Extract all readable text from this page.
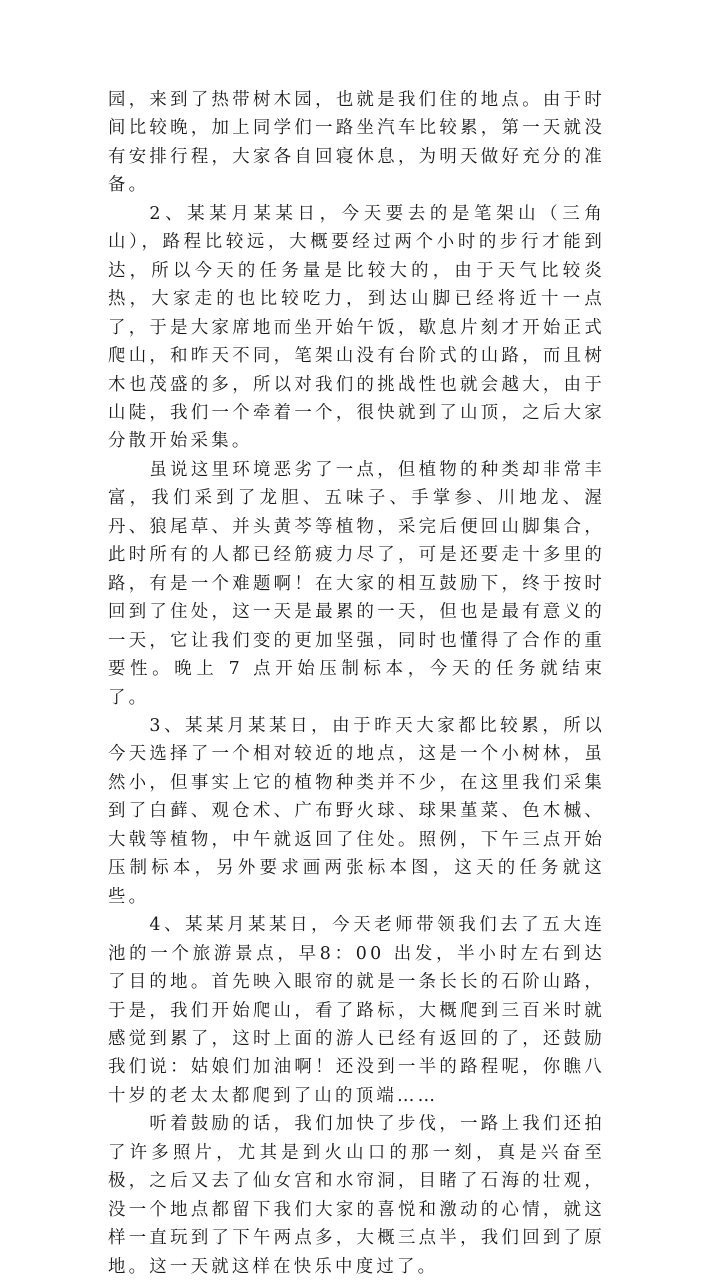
园，来到了热带树木园，也就是我们住的地点。由于时间比较晚，加上同学们一路坐汽车比较累，第一天就没有安排行程，大家各自回寝休息，为明天做好充分的准备。

2、某某月某某日，今天要去的是笔架山（三角山），路程比较远，大概要经过两个小时的步行才能到达，所以今天的任务量是比较大的，由于天气比较炎热，大家走的也比较吃力，到达山脚已经将近十一点了，于是大家席地而坐开始午饭，歇息片刻才开始正式爬山，和昨天不同，笔架山没有台阶式的山路，而且树木也茂盛的多，所以对我们的挑战性也就会越大，由于山陡，我们一个牵着一个，很快就到了山顶，之后大家分散开始采集。

虽说这里环境恶劣了一点，但植物的种类却非常丰富，我们采到了龙胆、五味子、手掌参、川地龙、渥丹、狼尾草、并头黄芩等植物，采完后便回山脚集合，此时所有的人都已经筋疲力尽了，可是还要走十多里的路，有是一个难题啊！在大家的相互鼓励下，终于按时回到了住处，这一天是最累的一天，但也是最有意义的一天，它让我们变的更加坚强，同时也懂得了合作的重要性。晚上 7 点开始压制标本，今天的任务就结束了。

3、某某月某某日，由于昨天大家都比较累，所以今天选择了一个相对较近的地点，这是一个小树林，虽然小，但事实上它的植物种类并不少，在这里我们采集到了白藓、观仓术、广布野火球、球果堇菜、色木槭、大戟等植物，中午就返回了住处。照例，下午三点开始压制标本，另外要求画两张标本图，这天的任务就这些。

4、某某月某某日，今天老师带领我们去了五大连池的一个旅游景点，早8：00 出发，半小时左右到达了目的地。首先映入眼帘的就是一条长长的石阶山路，于是，我们开始爬山，看了路标，大概爬到三百米时就感觉到累了，这时上面的游人已经有返回的了，还鼓励我们说：姑娘们加油啊！还没到一半的路程呢，你瞧八十岁的老太太都爬到了山的顶端……

听着鼓励的话，我们加快了步伐，一路上我们还拍了许多照片，尤其是到火山口的那一刻，真是兴奋至极，之后又去了仙女宫和水帘洞，目睹了石海的壮观，没一个地点都留下我们大家的喜悦和激动的心情，就这样一直玩到了下午两点多，大概三点半，我们回到了原地。这一天就这样在快乐中度过了。
